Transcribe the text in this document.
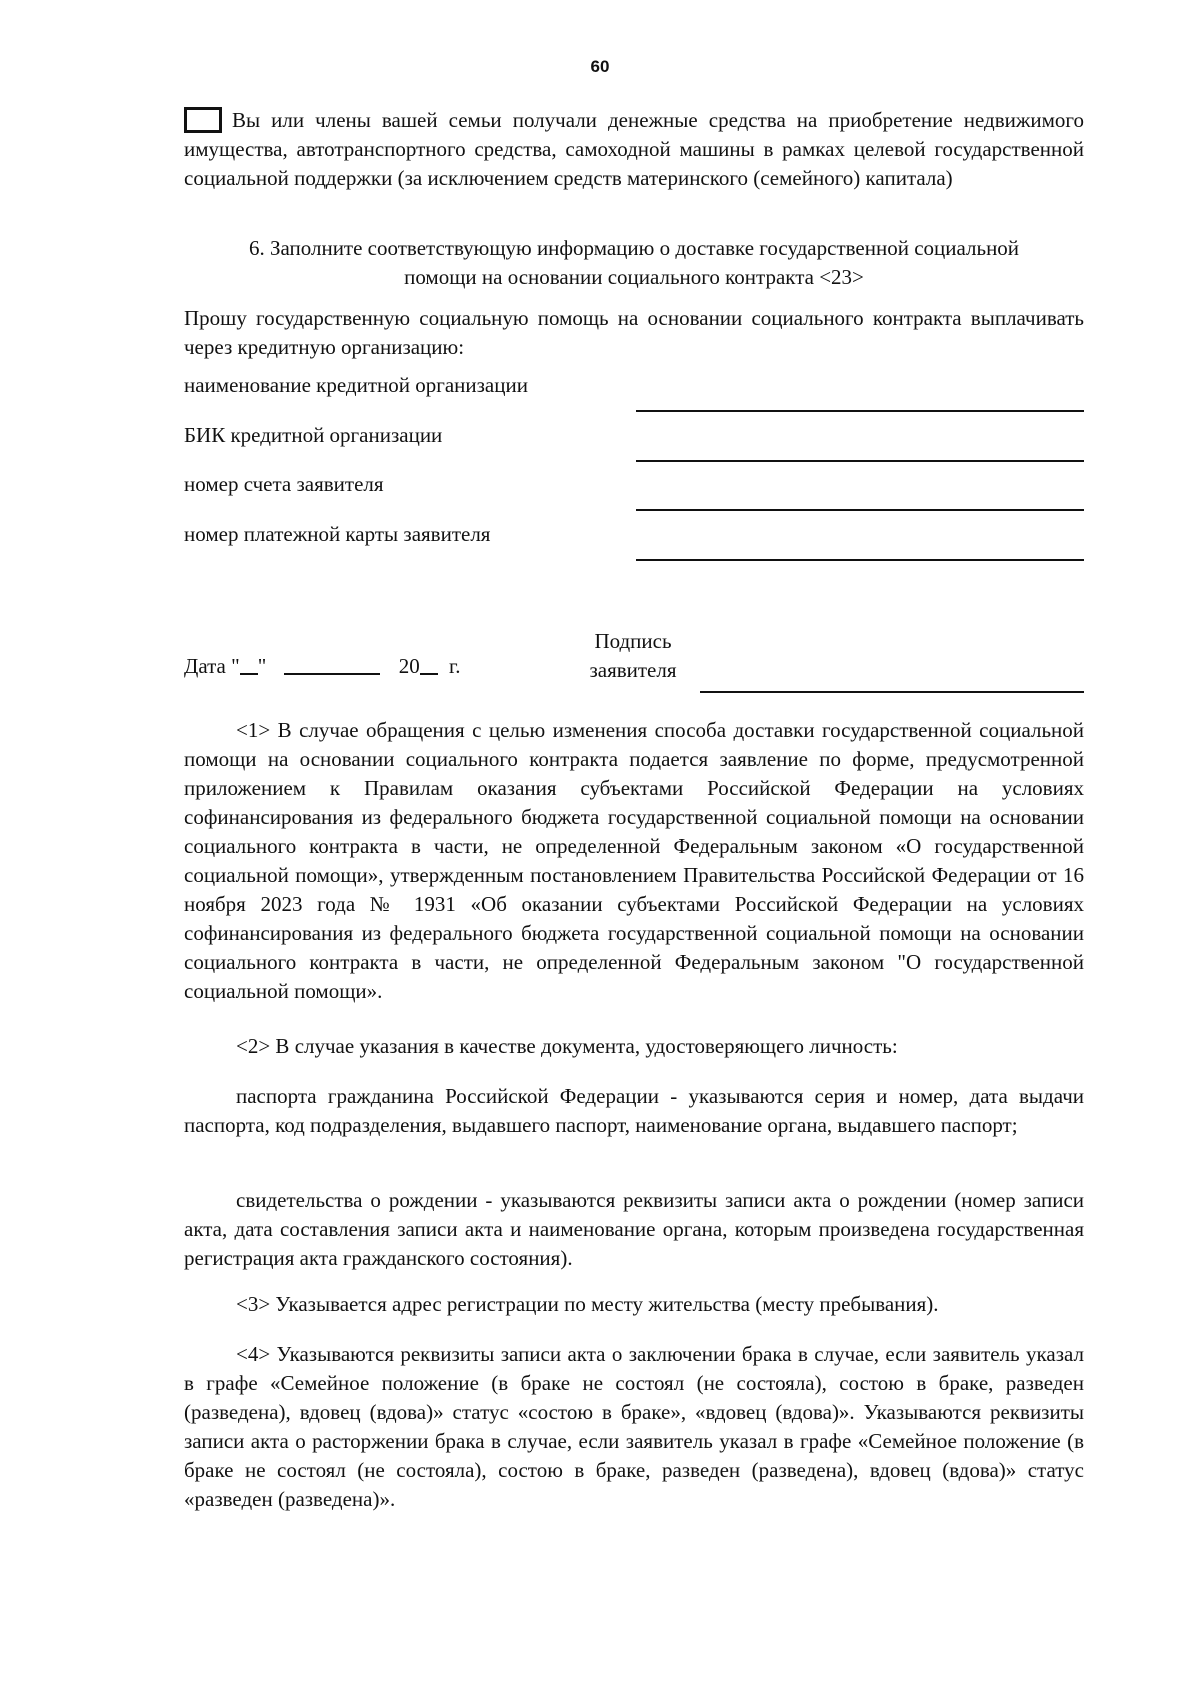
60
Вы или члены вашей семьи получали денежные средства на приобретение недвижимого имущества, автотранспортного средства, самоходной машины в рамках целевой государственной социальной поддержки (за исключением средств материнского (семейного) капитала)
6. Заполните соответствующую информацию о доставке государственной социальной
помощи на основании социального контракта <23>
Прошу государственную социальную помощь на основании социального контракта выплачивать через кредитную организацию:
наименование кредитной организации
БИК кредитной организации
номер счета заявителя
номер платежной карты заявителя
Дата " "	20 г.
Подпись
заявителя
<1> В случае обращения с целью изменения способа доставки государственной социальной помощи на основании социального контракта подается заявление по форме, предусмотренной приложением к Правилам оказания субъектами Российской Федерации на условиях софинансирования из федерального бюджета государственной социальной помощи на основании социального контракта в части, не определенной Федеральным законом «О государственной социальной помощи», утвержденным постановлением Правительства Российской Федерации от 16 ноября 2023 года № 1931 «Об оказании субъектами Российской Федерации на условиях софинансирования из федерального бюджета государственной социальной помощи на основании социального контракта в части, не определенной Федеральным законом "О государственной социальной помощи».
<2> В случае указания в качестве документа, удостоверяющего личность:
паспорта гражданина Российской Федерации - указываются серия и номер, дата выдачи паспорта, код подразделения, выдавшего паспорт, наименование органа, выдавшего паспорт;
свидетельства о рождении - указываются реквизиты записи акта о рождении (номер записи акта, дата составления записи акта и наименование органа, которым произведена государственная регистрация акта гражданского состояния).
<3> Указывается адрес регистрации по месту жительства (месту пребывания).
<4> Указываются реквизиты записи акта о заключении брака в случае, если заявитель указал в графе «Семейное положение (в браке не состоял (не состояла), состою в браке, разведен (разведена), вдовец (вдова)» статус «состою в браке», «вдовец (вдова)». Указываются реквизиты записи акта о расторжении брака в случае, если заявитель указал в графе «Семейное положение (в браке не состоял (не состояла), состою в браке, разведен (разведена), вдовец (вдова)» статус «разведен (разведена)».
